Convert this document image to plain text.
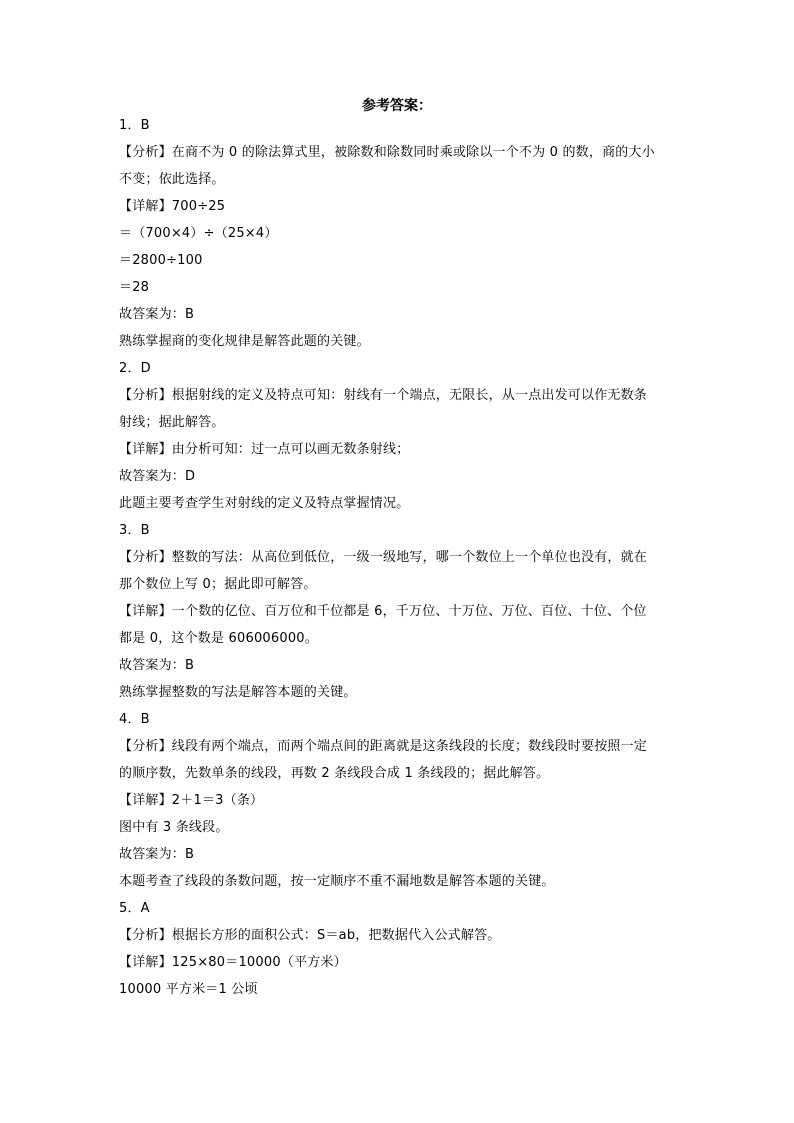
参考答案：
1．B
【分析】在商不为 0 的除法算式里，被除数和除数同时乘或除以一个不为 0 的数，商的大小
不变；依此选择。
【详解】700÷25
＝（700×4）÷（25×4）
＝2800÷100
＝28
故答案为：B
熟练掌握商的变化规律是解答此题的关键。
2．D
【分析】根据射线的定义及特点可知：射线有一个端点，无限长，从一点出发可以作无数条
射线；据此解答。
【详解】由分析可知：过一点可以画无数条射线；
故答案为：D
此题主要考查学生对射线的定义及特点掌握情况。
3．B
【分析】整数的写法：从高位到低位，一级一级地写，哪一个数位上一个单位也没有，就在
那个数位上写 0；据此即可解答。
【详解】一个数的亿位、百万位和千位都是 6，千万位、十万位、万位、百位、十位、个位
都是 0，这个数是 606006000。
故答案为：B
熟练掌握整数的写法是解答本题的关键。
4．B
【分析】线段有两个端点，而两个端点间的距离就是这条线段的长度；数线段时要按照一定
的顺序数，先数单条的线段，再数 2 条线段合成 1 条线段的；据此解答。
【详解】2＋1＝3（条）
图中有 3 条线段。
故答案为：B
本题考查了线段的条数问题，按一定顺序不重不漏地数是解答本题的关键。
5．A
【分析】根据长方形的面积公式：S＝ab，把数据代入公式解答。
【详解】125×80＝10000（平方米）
10000 平方米＝1 公顷
